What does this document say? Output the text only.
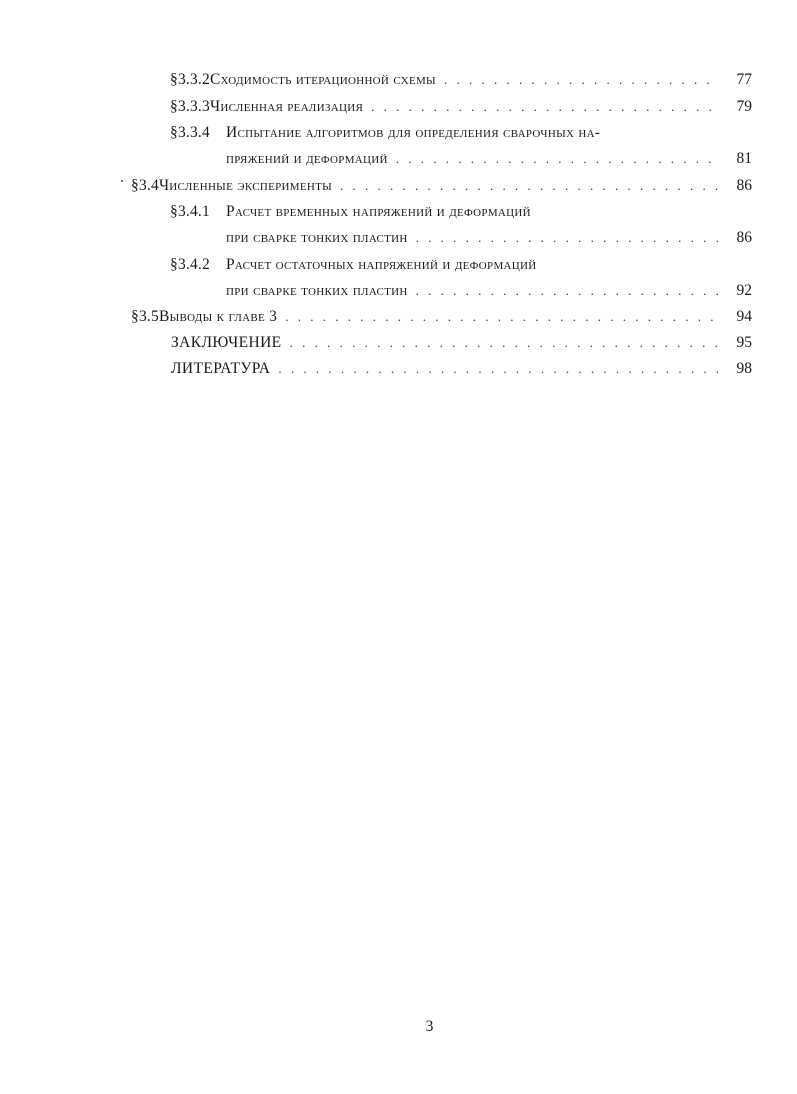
§3.3.2 Сходимость итерационной схемы . . .	77
§3.3.3 Численная реализация . . .	79
§3.3.4	Испытание алгоритмов для определения сварочных на-
пряжений и деформаций . . .	81
§3.4 Численные эксперименты . . .	86
§3.4.1	Расчет временных напряжений и деформаций
при сварке тонких пластин . . .	86
§3.4.2	Расчет остаточных напряжений и деформаций
при сварке тонких пластин . . .	92
§3.5 Выводы к главе 3 . . .	94
ЗАКЛЮЧЕНИЕ . . .	95
ЛИТЕРАТУРА . . .	98
3
